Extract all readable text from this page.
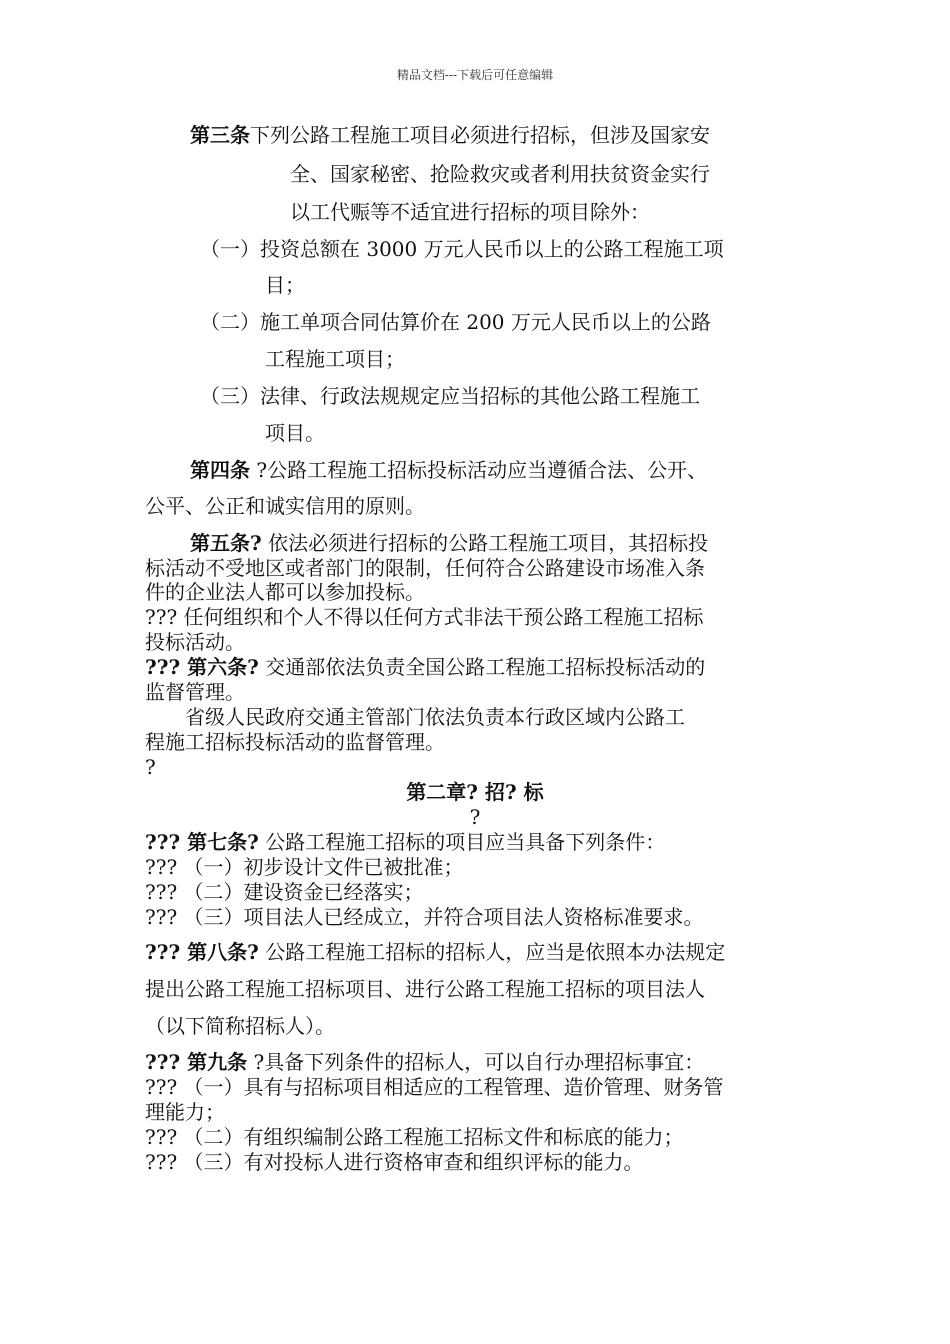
精品文档---下载后可任意编辑
第三条下列公路工程施工项目必须进行招标，但涉及国家安
全、国家秘密、抢险救灾或者利用扶贫资金实行
以工代赈等不适宜进行招标的项目除外：
（一）投资总额在 3000 万元人民币以上的公路工程施工项
目；
（二）施工单项合同估算价在 200 万元人民币以上的公路
工程施工项目；
（三）法律、行政法规规定应当招标的其他公路工程施工
项目。
第四条 ?公路工程施工招标投标活动应当遵循合法、公开、
公平、公正和诚实信用的原则。
第五条? 依法必须进行招标的公路工程施工项目，其招标投
标活动不受地区或者部门的限制，任何符合公路建设市场准入条
件的企业法人都可以参加投标。
??? 任何组织和个人不得以任何方式非法干预公路工程施工招标
投标活动。
??? 第六条? 交通部依法负责全国公路工程施工招标投标活动的
监督管理。
　　省级人民政府交通主管部门依法负责本行政区域内公路工
程施工招标投标活动的监督管理。
?
第二章? 招? 标
?
??? 第七条? 公路工程施工招标的项目应当具备下列条件：
??? （一）初步设计文件已被批准；
??? （二）建设资金已经落实；
??? （三）项目法人已经成立，并符合项目法人资格标准要求。
??? 第八条? 公路工程施工招标的招标人，应当是依照本办法规定
提出公路工程施工招标项目、进行公路工程施工招标的项目法人
（以下简称招标人）。
??? 第九条 ?具备下列条件的招标人，可以自行办理招标事宜：
??? （一）具有与招标项目相适应的工程管理、造价管理、财务管
理能力；
??? （二）有组织编制公路工程施工招标文件和标底的能力；
??? （三）有对投标人进行资格审查和组织评标的能力。
